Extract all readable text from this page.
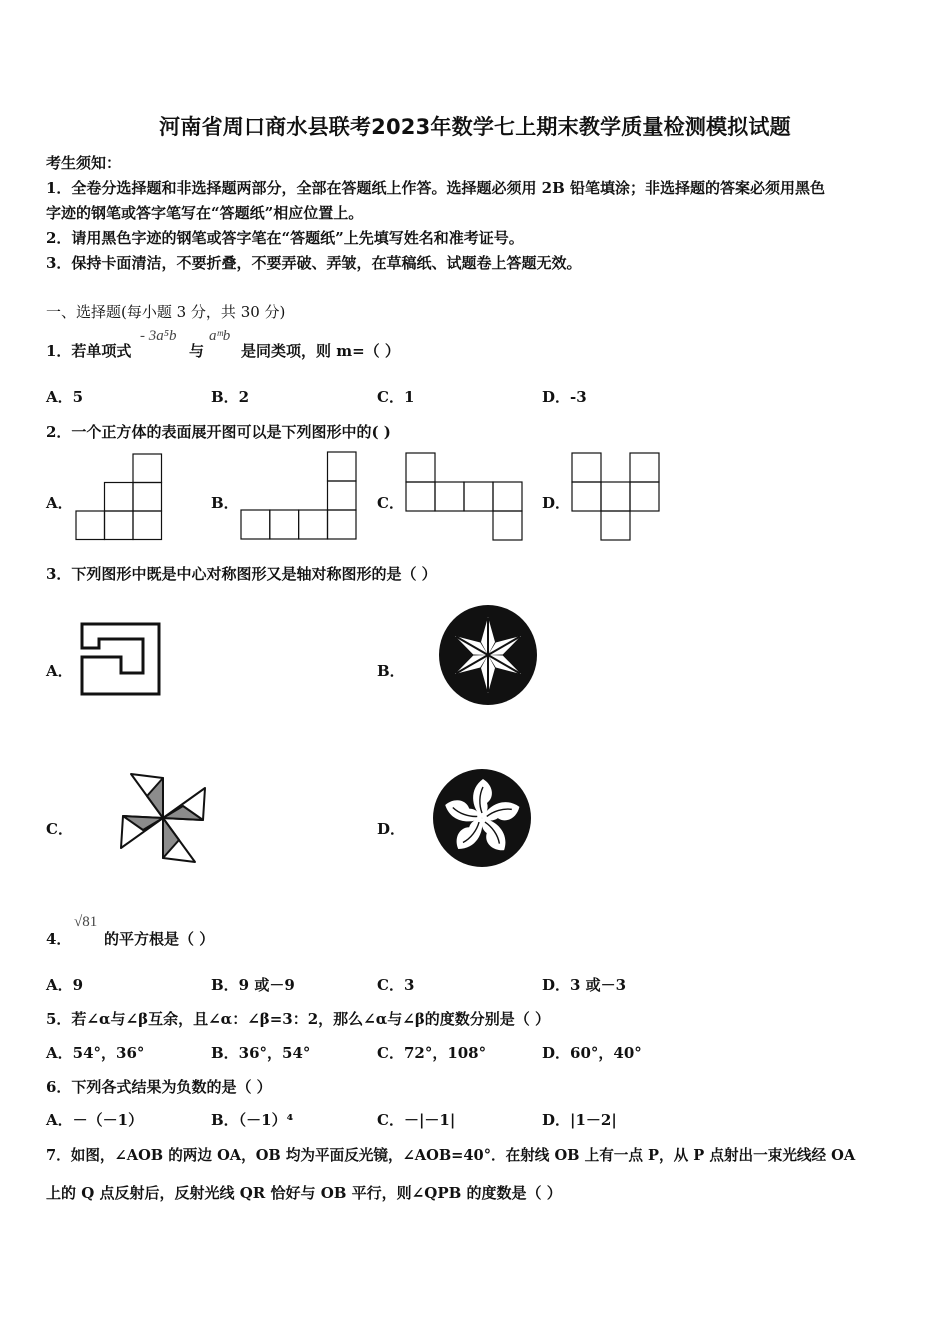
河南省周口商水县联考2023年数学七上期末教学质量检测模拟试题
考生须知：
1．全卷分选择题和非选择题两部分，全部在答题纸上作答。选择题必须用 2B 铅笔填涂；非选择题的答案必须用黑色
字迹的钢笔或答字笔写在“答题纸”相应位置上。
2．请用黑色字迹的钢笔或答字笔在“答题纸”上先填写姓名和准考证号。
3．保持卡面清洁，不要折叠，不要弄破、弄皱，在草稿纸、试题卷上答题无效。
一、选择题(每小题 3 分，共 30 分)
1．若单项式
- 3a⁵b
与
aᵐb
是同类项，则 m=（ ）
A．5	B．2	C．1	D．-3
2．一个正方体的表面展开图可以是下列图形中的( )
A．	B．	C．	D．
3．下列图形中既是中心对称图形又是轴对称图形的是（ ）
A．	B．
C．	D．
4．
√81
的平方根是（ ）
A．9	B．9 或－9	C．3	D．3 或－3
5．若∠α与∠β互余，且∠α：∠β=3：2，那么∠α与∠β的度数分别是（ ）
A．54°，36°	B．36°，54°	C．72°，108°	D．60°，40°
6．下列各式结果为负数的是（ ）
A．－（－1）	B．（－1）⁴	C．－|－1|	D．|1－2|
7．如图，∠AOB 的两边 OA，OB 均为平面反光镜，∠AOB=40°．在射线 OB 上有一点 P，从 P 点射出一束光线经 OA
上的 Q 点反射后，反射光线 QR 恰好与 OB 平行，则∠QPB 的度数是（ ）
